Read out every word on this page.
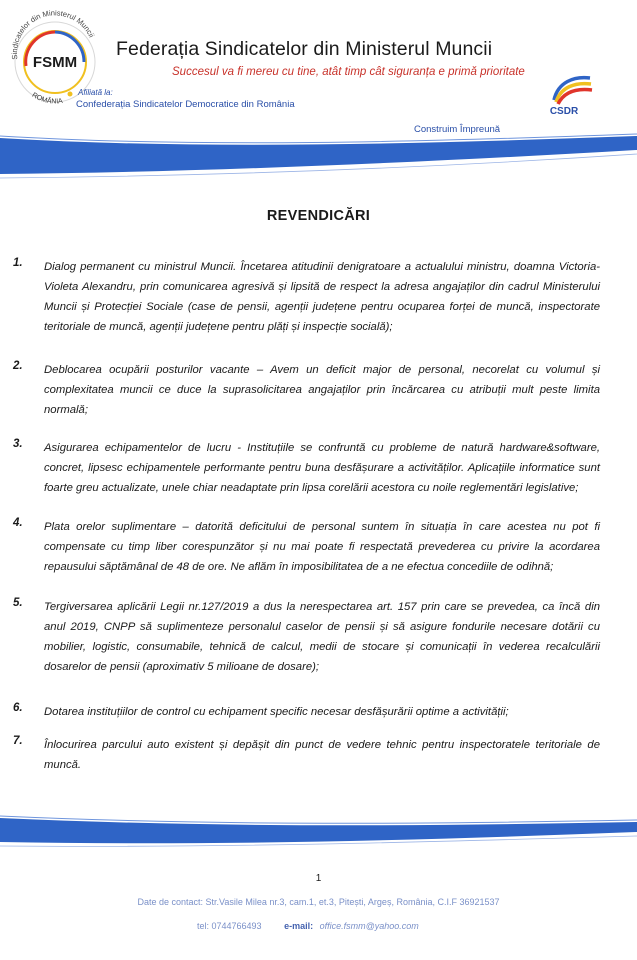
Sindicatelor din Ministerul Muncii
FSMM
ROMÂNIA
Federația Sindicatelor din Ministerul Muncii
Succesul va fi mereu cu tine, atât timp cât siguranța e primă prioritate
Afiliată la:
Confederația Sindicatelor Democratice din România
CSDR
Construim Împreună
REVENDICĂRI
1. Dialog permanent cu ministrul Muncii. Încetarea atitudinii denigratoare a actualului ministru, doamna Victoria-Violeta Alexandru, prin comunicarea agresivă și lipsită de respect la adresa angajaților din cadrul Ministerului Muncii și Protecției Sociale (case de pensii, agenții județene pentru ocuparea forței de muncă, inspectorate teritoriale de muncă, agenții județene pentru plăți și inspecție socială);

2. Deblocarea ocupării posturilor vacante – Avem un deficit major de personal, necorelat cu volumul și complexitatea muncii ce duce la suprasolicitarea angajaților prin încărcarea cu atribuții mult peste limita normală;

3. Asigurarea echipamentelor de lucru - Instituțiile se confruntă cu probleme de natură hardware&software, concret, lipsesc echipamentele performante pentru buna desfășurare a activităților. Aplicațiile informatice sunt foarte greu actualizate, unele chiar neadaptate prin lipsa corelării acestora cu noile reglementări legislative;

4. Plata orelor suplimentare – datorită deficitului de personal suntem în situația în care acestea nu pot fi compensate cu timp liber corespunzător și nu mai poate fi respectată prevederea cu privire la acordarea repausului săptămânal de 48 de ore. Ne aflăm în imposibilitatea de a ne efectua concediile de odihnă;

5. Tergiversarea aplicării Legii nr.127/2019 a dus la nerespectarea art. 157 prin care se prevedea, ca încă din anul 2019, CNPP să suplimenteze personalul caselor de pensii și să asigure fondurile necesare dotării cu mobilier, logistic, consumabile, tehnică de calcul, medii de stocare și comunicații în vederea recalculării dosarelor de pensii (aproximativ 5 milioane de dosare);

6. Dotarea instituțiilor de control cu echipament specific necesar desfășurării optime a activității;

7. Înlocurirea parcului auto existent și depășit din punct de vedere tehnic pentru inspectoratele teritoriale de muncă.

1
Date de contact: Str.Vasile Milea nr.3, cam.1, et.3, Pitești, Argeș, România, C.I.F 36921537
tel: 0744766493	e-mail: office.fsmm@yahoo.com
